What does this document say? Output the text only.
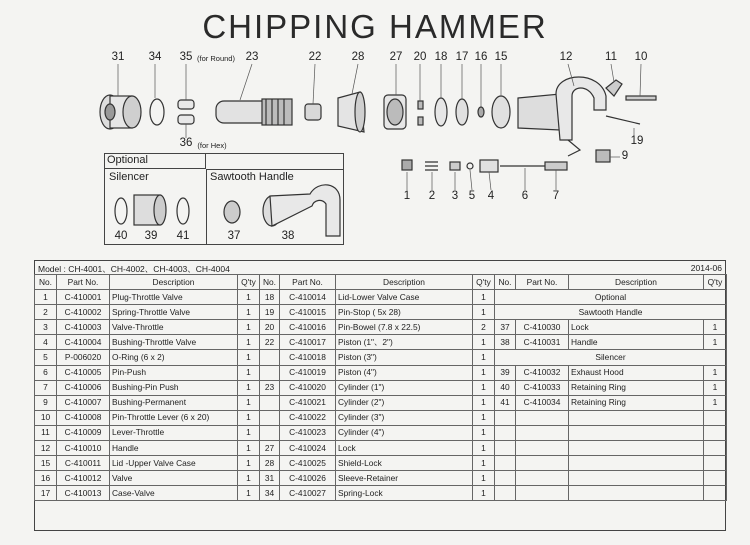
CHIPPING HAMMER
31 34 35 (for Round) 23	22	28 27 20 18 17 16 15	12	11 10
36 (for Hex)	19
9
1 2 3 5 4 6 7
Optional
Silencer	Sawtooth Handle
40 39 41	37	38
Model : CH-4001、CH-4002、CH-4003、CH-4004	2014-06
No.	Part No.	Description	Q'ty	No.	Part No.	Description	Q'ty	No.	Part No.	Description	Q'ty
1	C-410001	Plug-Throttle Valve	1	18	C-410014	Lid-Lower Valve Case	1	Optional			
2	C-410002	Spring-Throttle Valve	1	19	C-410015	Pin-Stop ( 5x 28)	1	Sawtooth Handle			
3	C-410003	Valve-Throttle	1	20	C-410016	Pin-Bowel (7.8 x 22.5)	2	37	C-410030	Lock	1
4	C-410004	Bushing-Throttle Valve	1	22	C-410017	Piston (1"、2")	1	38	C-410031	Handle	1
5	P-006020	O-Ring (6 x 2)	1		C-410018	Piston (3")	1	Silencer			
6	C-410005	Pin-Push	1		C-410019	Piston (4")	1	39	C-410032	Exhaust Hood	1
7	C-410006	Bushing-Pin Push	1	23	C-410020	Cylinder (1")	1	40	C-410033	Retaining Ring	1
9	C-410007	Bushing-Permanent	1		C-410021	Cylinder (2")	1	41	C-410034	Retaining Ring	1
10	C-410008	Pin-Throttle Lever (6 x 20)	1		C-410022	Cylinder (3")	1				
11	C-410009	Lever-Throttle	1		C-410023	Cylinder (4")	1				
12	C-410010	Handle	1	27	C-410024	Lock	1				
15	C-410011	Lid -Upper Valve Case	1	28	C-410025	Shield-Lock	1				
16	C-410012	Valve	1	31	C-410026	Sleeve-Retainer	1				
17	C-410013	Case-Valve	1	34	C-410027	Spring-Lock	1				
